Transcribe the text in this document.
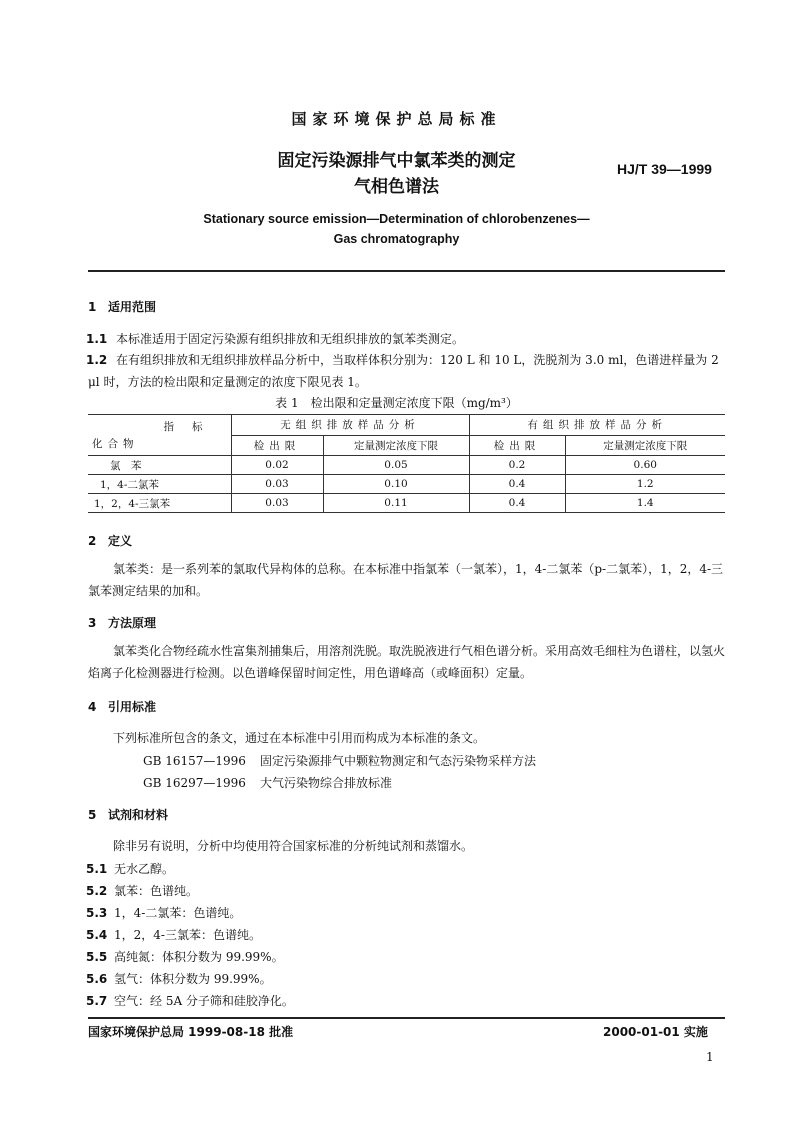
国家环境保护总局标准
固定污染源排气中氯苯类的测定
气相色谱法
HJ/T 39—1999
Stationary source emission—Determination of chlorobenzenes—
Gas chromatography
1 适用范围
1.1 本标准适用于固定污染源有组织排放和无组织排放的氯苯类测定。
1.2 在有组织排放和无组织排放样品分析中，当取样体积分别为：120 L 和 10 L，洗脱剂为 3.0 ml，色谱进样量为 2 μl 时，方法的检出限和定量测定的浓度下限见表 1。
表 1　检出限和定量测定浓度下限（mg/m³）
指标
化合物	无组织排放样品分析		有组织排放样品分析	
	检出限	定量测定浓度下限	检出限	定量测定浓度下限
氯　苯	0.02	0.05	0.2	0.60
1，4-二氯苯	0.03	0.10	0.4	1.2
1，2，4-三氯苯	0.03	0.11	0.4	1.4
2 定义
氯苯类：是一系列苯的氯取代异构体的总称。在本标准中指氯苯（一氯苯），1，4-二氯苯（p-二氯苯），1，2，4-三氯苯测定结果的加和。
3 方法原理
氯苯类化合物经疏水性富集剂捕集后，用溶剂洗脱。取洗脱液进行气相色谱分析。采用高效毛细柱为色谱柱，以氢火焰离子化检测器进行检测。以色谱峰保留时间定性，用色谱峰高（或峰面积）定量。
4 引用标准
下列标准所包含的条文，通过在本标准中引用而构成为本标准的条文。
GB 16157—1996 固定污染源排气中颗粒物测定和气态污染物采样方法
GB 16297—1996 大气污染物综合排放标准
5 试剂和材料
除非另有说明，分析中均使用符合国家标准的分析纯试剂和蒸馏水。
5.1 无水乙醇。
5.2 氯苯：色谱纯。
5.3 1，4-二氯苯：色谱纯。
5.4 1，2，4-三氯苯：色谱纯。
5.5 高纯氮：体积分数为 99.99%。
5.6 氢气：体积分数为 99.99%。
5.7 空气：经 5A 分子筛和硅胶净化。
国家环境保护总局 1999-08-18 批准	2000-01-01 实施
1
